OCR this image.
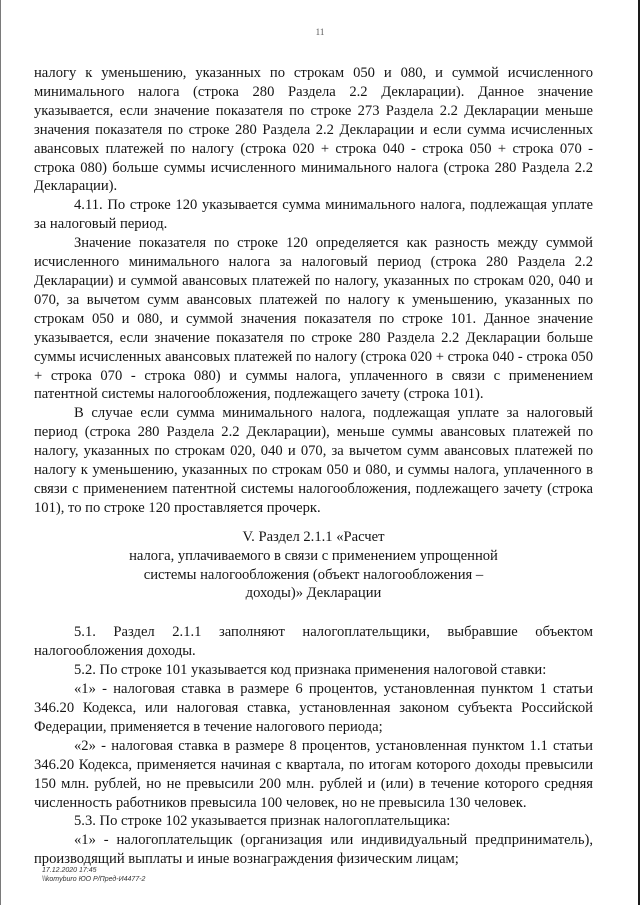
11

налогу к уменьшению, указанных по строкам 050 и 080, и суммой исчисленного минимального налога (строка 280 Раздела 2.2 Декларации). Данное значение указывается, если значение показателя по строке 273 Раздела 2.2 Декларации меньше значения показателя по строке 280 Раздела 2.2 Декларации и если сумма исчисленных авансовых платежей по налогу (строка 020 + строка 040 - строка 050 + строка 070 - строка 080) больше суммы исчисленного минимального налога (строка 280 Раздела 2.2 Декларации).

4.11. По строке 120 указывается сумма минимального налога, подлежащая уплате за налоговый период.

Значение показателя по строке 120 определяется как разность между суммой исчисленного минимального налога за налоговый период (строка 280 Раздела 2.2 Декларации) и суммой авансовых платежей по налогу, указанных по строкам 020, 040 и 070, за вычетом сумм авансовых платежей по налогу к уменьшению, указанных по строкам 050 и 080, и суммой значения показателя по строке 101. Данное значение указывается, если значение показателя по строке 280 Раздела 2.2 Декларации больше суммы исчисленных авансовых платежей по налогу (строка 020 + строка 040 - строка 050 + строка 070 - строка 080) и суммы налога, уплаченного в связи с применением патентной системы налогообложения, подлежащего зачету (строка 101).

В случае если сумма минимального налога, подлежащая уплате за налоговый период (строка 280 Раздела 2.2 Декларации), меньше суммы авансовых платежей по налогу, указанных по строкам 020, 040 и 070, за вычетом сумм авансовых платежей по налогу к уменьшению, указанных по строкам 050 и 080, и суммы налога, уплаченного в связи с применением патентной системы налогообложения, подлежащего зачету (строка 101), то по строке 120 проставляется прочерк.

V. Раздел 2.1.1 «Расчет
налога, уплачиваемого в связи с применением упрощенной
системы налогообложения (объект налогообложения –
доходы)» Декларации

5.1. Раздел 2.1.1 заполняют налогоплательщики, выбравшие объектом налогообложения доходы.

5.2. По строке 101 указывается код признака применения налоговой ставки:

«1» - налоговая ставка в размере 6 процентов, установленная пунктом 1 статьи 346.20 Кодекса, или налоговая ставка, установленная законом субъекта Российской Федерации, применяется в течение налогового периода;

«2» - налоговая ставка в размере 8 процентов, установленная пунктом 1.1 статьи 346.20 Кодекса, применяется начиная с квартала, по итогам которого доходы превысили 150 млн. рублей, но не превысили 200 млн. рублей и (или) в течение которого средняя численность работников превысила 100 человек, но не превысила 130 человек.

5.3. По строке 102 указывается признак налогоплательщика:

«1» - налогоплательщик (организация или индивидуальный предприниматель), производящий выплаты и иные вознаграждения физическим лицам;

17.12.2020 17:45
\\komyburo ЮО Р/Пред-И4477-2
